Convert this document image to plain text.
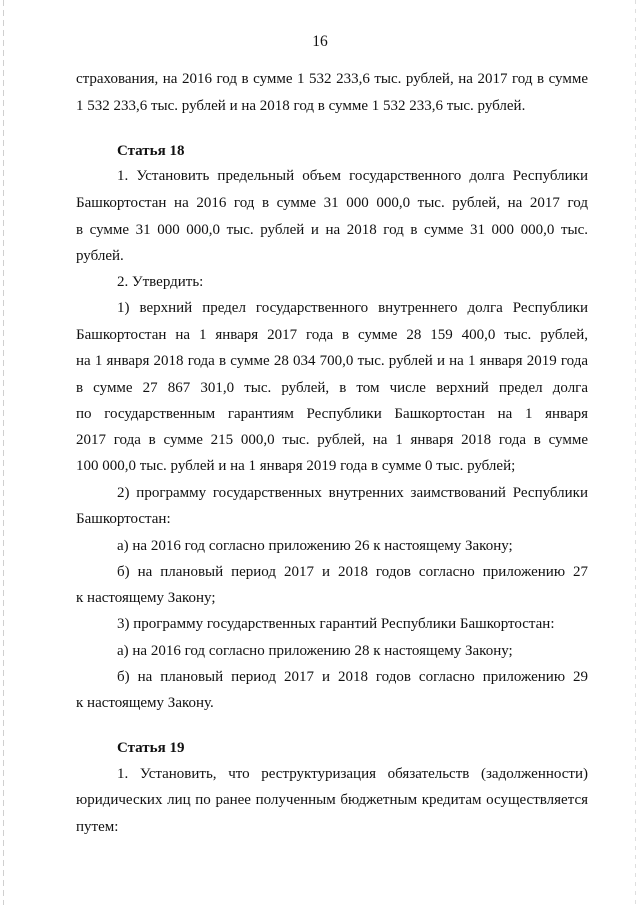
16
страхования, на 2016 год в сумме 1 532 233,6 тыс. рублей, на 2017 год в сумме
1 532 233,6 тыс. рублей и на 2018 год в сумме 1 532 233,6 тыс. рублей.
Статья 18
1. Установить предельный объем государственного долга Республики
Башкортостан на 2016 год в сумме 31 000 000,0 тыс. рублей, на 2017 год
в сумме 31 000 000,0 тыс. рублей и на 2018 год в сумме 31 000 000,0 тыс.
рублей.
2. Утвердить:
1) верхний предел государственного внутреннего долга Республики
Башкортостан на 1 января 2017 года в сумме 28 159 400,0 тыс. рублей,
на 1 января 2018 года в сумме 28 034 700,0 тыс. рублей и на 1 января 2019 года
в сумме 27 867 301,0 тыс. рублей, в том числе верхний предел долга
по государственным гарантиям Республики Башкортостан на 1 января
2017 года в сумме 215 000,0 тыс. рублей, на 1 января 2018 года в сумме
100 000,0 тыс. рублей и на 1 января 2019 года в сумме 0 тыс. рублей;
2) программу государственных внутренних заимствований Республики
Башкортостан:
а) на 2016 год согласно приложению 26 к настоящему Закону;
б) на плановый период 2017 и 2018 годов согласно приложению 27
к настоящему Закону;
3) программу государственных гарантий Республики Башкортостан:
а) на 2016 год согласно приложению 28 к настоящему Закону;
б) на плановый период 2017 и 2018 годов согласно приложению 29
к настоящему Закону.
Статья 19
1. Установить, что реструктуризация обязательств (задолженности)
юридических лиц по ранее полученным бюджетным кредитам осуществляется
путем:
